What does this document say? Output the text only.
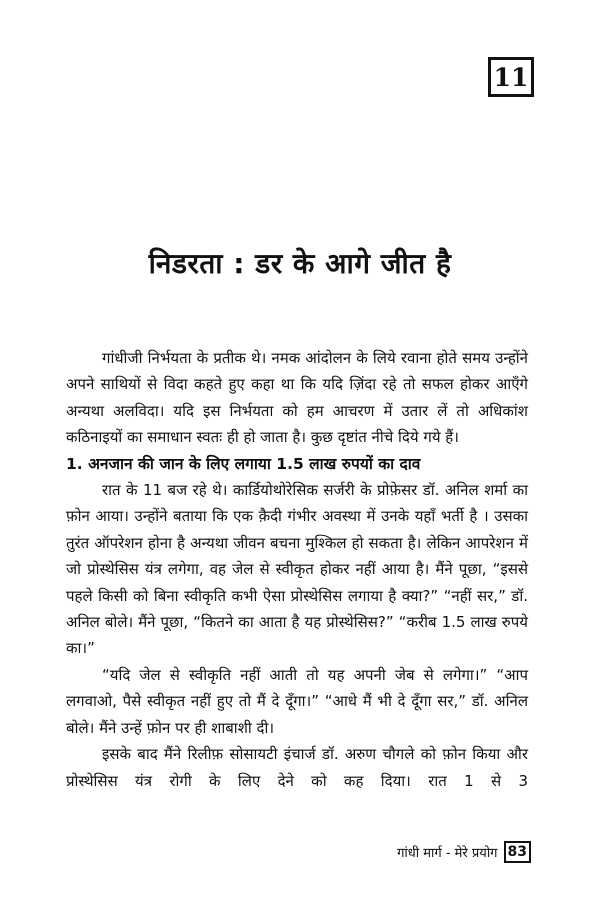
11
निडरता : डर के आगे जीत है

गांधीजी निर्भयता के प्रतीक थे। नमक आंदोलन के लिये रवाना होते समय उन्होंने अपने साथियों से विदा कहते हुए कहा था कि यदि ज़िंदा रहे तो सफल होकर आएँगे अन्यथा अलविदा। यदि इस निर्भयता को हम आचरण में उतार लें तो अधिकांश कठिनाइयों का समाधान स्वतः ही हो जाता है। कुछ दृष्टांत नीचे दिये गये हैं।

1. अनजान की जान के लिए लगाया 1.5 लाख रुपयों का दाव

रात के 11 बज रहे थे। कार्डियोथोरेसिक सर्जरी के प्रोफ़ेसर डॉ. अनिल शर्मा का फ़ोन आया। उन्होंने बताया कि एक क़ैदी गंभीर अवस्था में उनके यहाँ भर्ती है । उसका तुरंत ऑपरेशन होना है अन्यथा जीवन बचना मुश्किल हो सकता है। लेकिन आपरेशन में जो प्रोस्थेसिस यंत्र लगेगा, वह जेल से स्वीकृत होकर नहीं आया है। मैंने पूछा, “इससे पहले किसी को बिना स्वीकृति कभी ऐसा प्रोस्थेसिस लगाया है क्या?” “नहीं सर,” डॉ. अनिल बोले। मैंने पूछा, “कितने का आता है यह प्रोस्थेसिस?” “करीब 1.5 लाख रुपये का।”

“यदि जेल से स्वीकृति नहीं आती तो यह अपनी जेब से लगेगा।” “आप लगवाओ, पैसे स्वीकृत नहीं हुए तो मैं दे दूँगा।” “आधे मैं भी दे दूँगा सर,” डॉ. अनिल बोले। मैंने उन्हें फ़ोन पर ही शाबाशी दी।

इसके बाद मैंने रिलीफ़ सोसायटी इंचार्ज डॉ. अरुण चौगले को फ़ोन किया और प्रोस्थेसिस यंत्र रोगी के लिए देने को कह दिया। रात 1 से 3

गांधी मार्ग - मेरे प्रयोग 83
